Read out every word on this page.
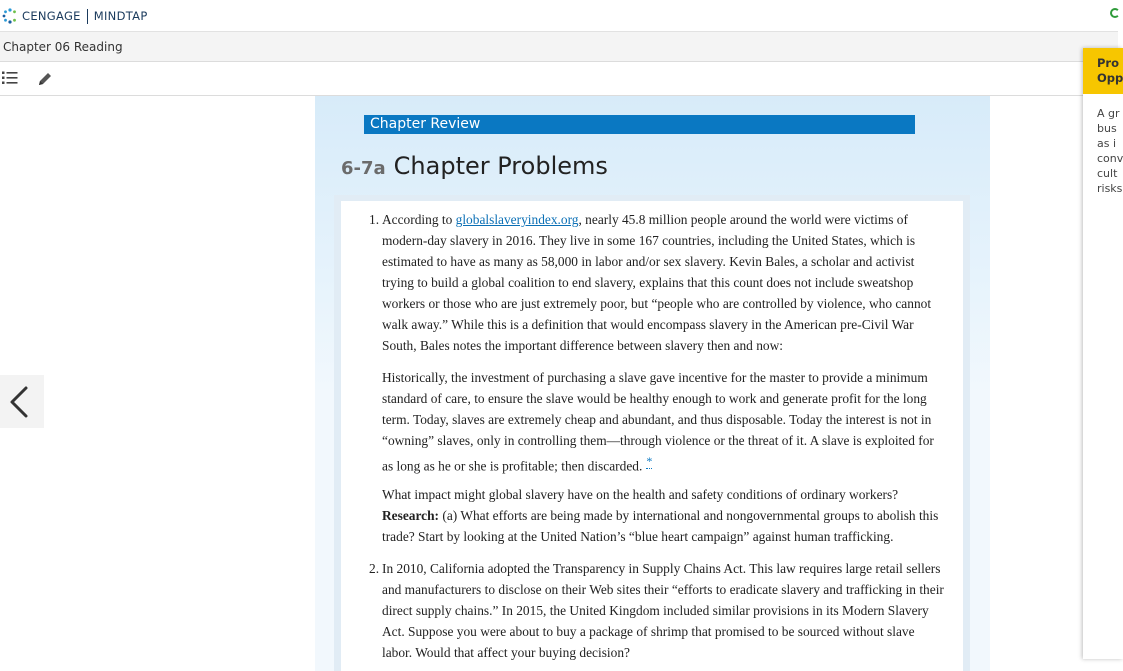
CENGAGE MINDTAP
Chapter 06 Reading
Chapter Review
6-7a Chapter Problems
1. According to globalslaveryindex.org, nearly 45.8 million people around the world were victims of
modern-day slavery in 2016. They live in some 167 countries, including the United States, which is
estimated to have as many as 58,000 in labor and/or sex slavery. Kevin Bales, a scholar and activist
trying to build a global coalition to end slavery, explains that this count does not include sweatshop
workers or those who are just extremely poor, but “people who are controlled by violence, who cannot
walk away.” While this is a definition that would encompass slavery in the American pre-Civil War
South, Bales notes the important difference between slavery then and now:
Historically, the investment of purchasing a slave gave incentive for the master to provide a minimum
standard of care, to ensure the slave would be healthy enough to work and generate profit for the long
term. Today, slaves are extremely cheap and abundant, and thus disposable. Today the interest is not in
“owning” slaves, only in controlling them—through violence or the threat of it. A slave is exploited for
as long as he or she is profitable; then discarded. *
What impact might global slavery have on the health and safety conditions of ordinary workers?
Research: (a) What efforts are being made by international and nongovernmental groups to abolish this
trade? Start by looking at the United Nation’s “blue heart campaign” against human trafficking.
2. In 2010, California adopted the Transparency in Supply Chains Act. This law requires large retail sellers
and manufacturers to disclose on their Web sites their “efforts to eradicate slavery and trafficking in their
direct supply chains.” In 2015, the United Kingdom included similar provisions in its Modern Slavery
Act. Suppose you were about to buy a package of shrimp that promised to be sourced without slave
labor. Would that affect your buying decision?
Pro
Opp
A gr
bus
as i
conv
cult
risks
